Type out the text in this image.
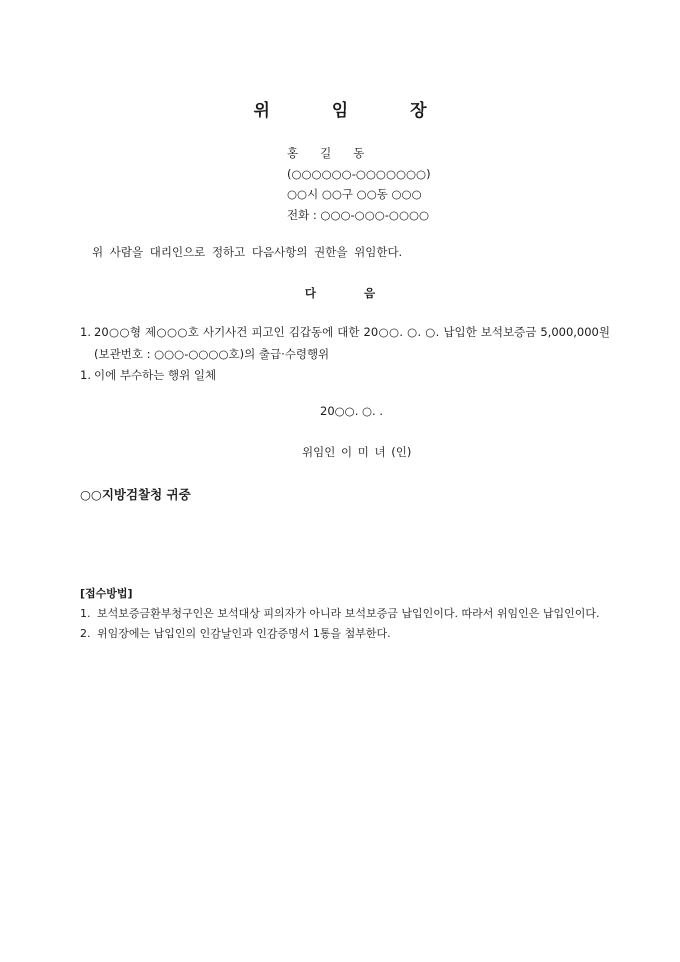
위 임 장
홍길동
(○○○○○○-○○○○○○○)
○○시 ○○구 ○○동 ○○○
전화 : ○○○-○○○-○○○○
위 사람을 대리인으로 정하고 다음사항의 권한을 위임한다.
다음
1. 20○○형 제○○○호 사기사건 피고인 김갑동에 대한 20○○. ○. ○. 납입한 보석보증금 5,000,000원(보관번호 : ○○○-○○○○호)의 출급·수령행위
1. 이에 부수하는 행위 일체
20○○. ○. .
위임인 이 미 녀 (인)
○○지방검찰청 귀중
[접수방법]
1. 보석보증금환부청구인은 보석대상 피의자가 아니라 보석보증금 납입인이다. 따라서 위임인은 납입인이다.
2. 위임장에는 납입인의 인감날인과 인감증명서 1통을 첨부한다.
